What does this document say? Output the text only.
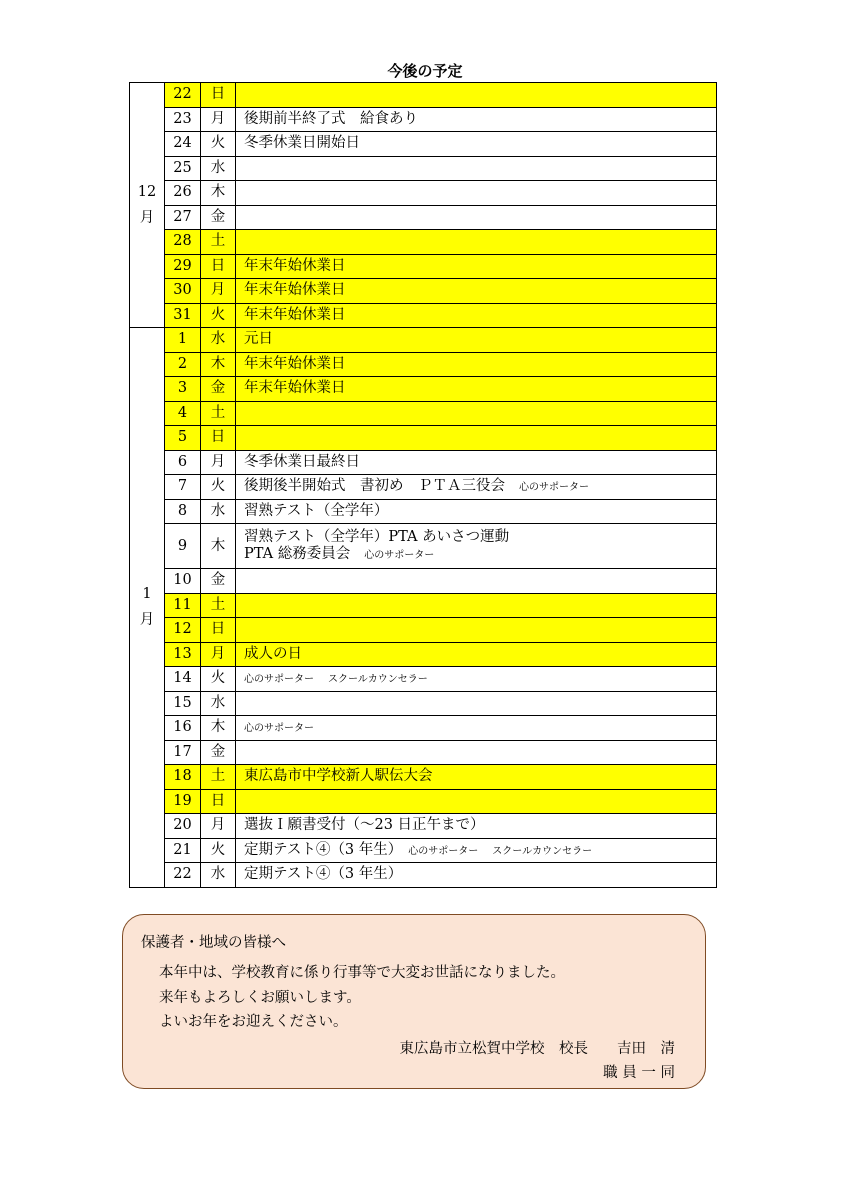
今後の予定
12
月	22	日	
	23	月	後期前半終了式　給食あり
	24	火	冬季休業日開始日
	25	水	
	26	木	
	27	金	
	28	土	
	29	日	年末年始休業日
	30	月	年末年始休業日
	31	火	年末年始休業日
1
月	1	水	元日
	2	木	年末年始休業日
	3	金	年末年始休業日
	4	土	
	5	日	
	6	月	冬季休業日最終日
	7	火	後期後半開始式　書初め　ＰＴＡ三役会 心のサポーター
	8	水	習熟テスト（全学年）
	9	木	習熟テスト（全学年）PTA あいさつ運動
PTA 総務委員会 心のサポーター
	10	金	
	11	土	
	12	日	
	13	月	成人の日
	14	火	心のサポーター スクールカウンセラー
	15	水	
	16	木	心のサポーター
	17	金	
	18	土	東広島市中学校新人駅伝大会
	19	日	
	20	月	選抜Ｉ願書受付（～23 日正午まで）
	21	火	定期テスト④（3 年生） 心のサポーター スクールカウンセラー
	22	水	定期テスト④（3 年生）
保護者・地域の皆様へ
本年中は、学校教育に係り行事等で大変お世話になりました。
来年もよろしくお願いします。
よいお年をお迎えください。
東広島市立松賀中学校　校長　　吉田　清
職 員 一 同
